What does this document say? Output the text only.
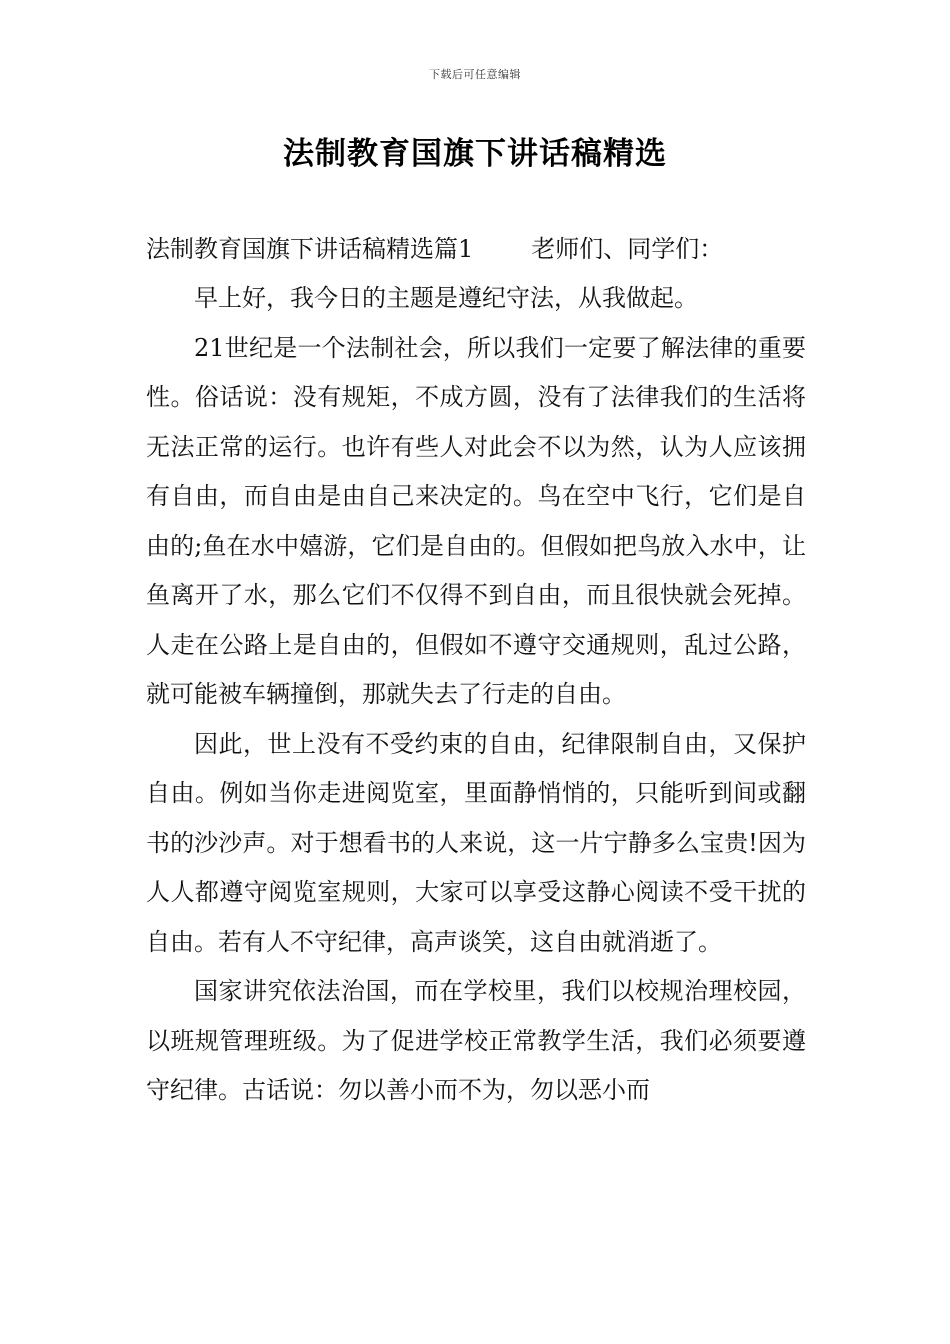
下载后可任意编辑
法制教育国旗下讲话稿精选
法制教育国旗下讲话稿精选篇1 老师们、同学们：

早上好，我今日的主题是遵纪守法，从我做起。

21世纪是一个法制社会，所以我们一定要了解法律的重要性。俗话说：没有规矩，不成方圆，没有了法律我们的生活将无法正常的运行。也许有些人对此会不以为然，认为人应该拥有自由，而自由是由自己来决定的。鸟在空中飞行，它们是自由的;鱼在水中嬉游，它们是自由的。但假如把鸟放入水中，让鱼离开了水，那么它们不仅得不到自由，而且很快就会死掉。人走在公路上是自由的，但假如不遵守交通规则，乱过公路，就可能被车辆撞倒，那就失去了行走的自由。

因此，世上没有不受约束的自由，纪律限制自由，又保护自由。例如当你走进阅览室，里面静悄悄的，只能听到间或翻书的沙沙声。对于想看书的人来说，这一片宁静多么宝贵!因为人人都遵守阅览室规则，大家可以享受这静心阅读不受干扰的自由。若有人不守纪律，高声谈笑，这自由就消逝了。

国家讲究依法治国，而在学校里，我们以校规治理校园，以班规管理班级。为了促进学校正常教学生活，我们必须要遵守纪律。古话说：勿以善小而不为，勿以恶小而
